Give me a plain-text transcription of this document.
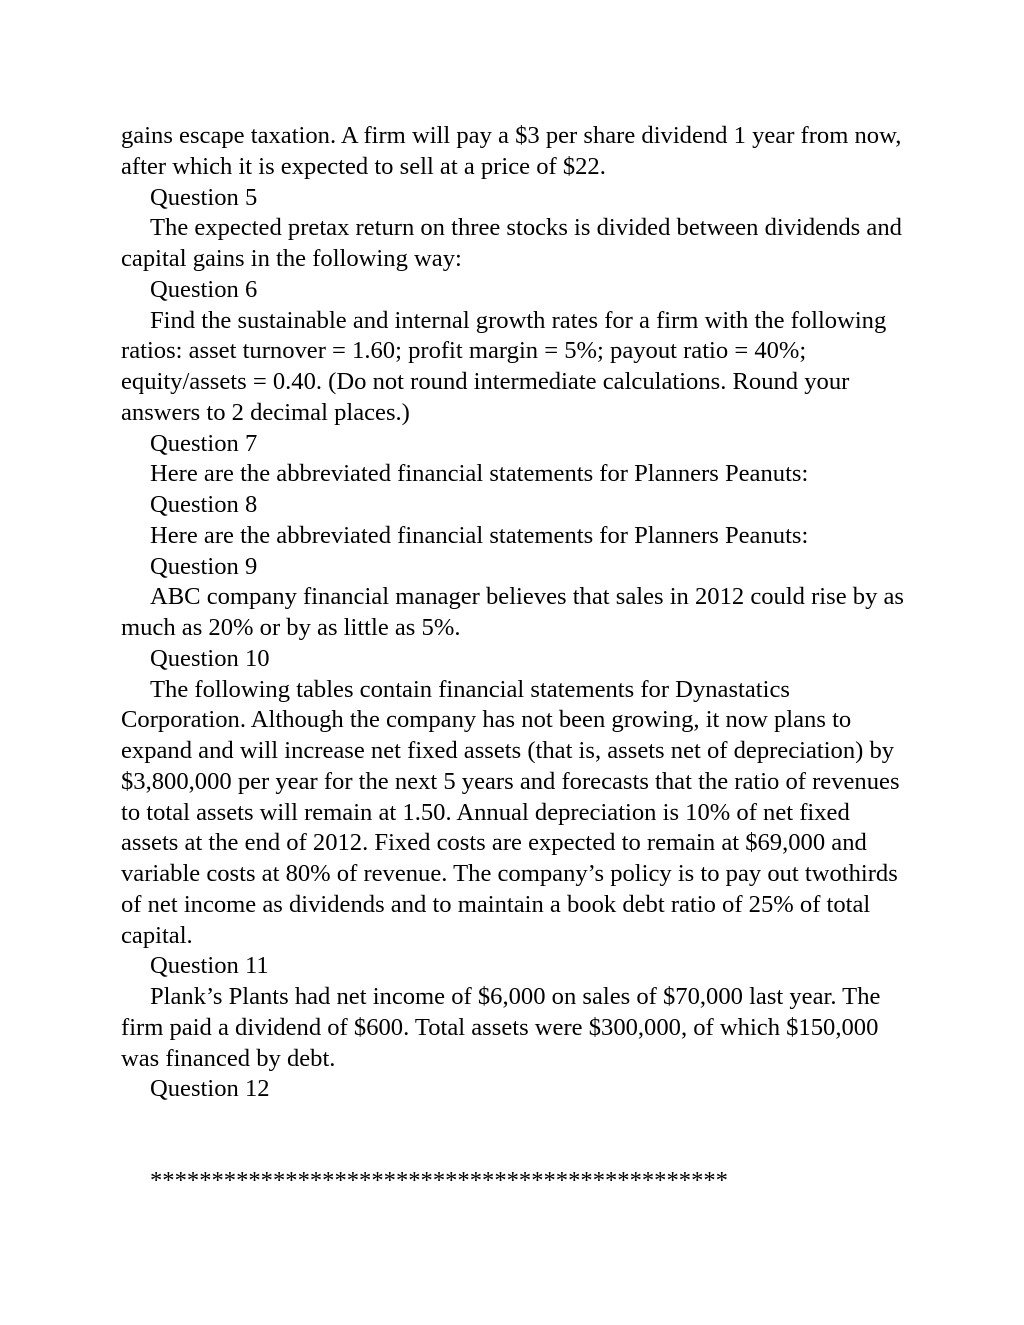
gains escape taxation. A firm will pay a $3 per share dividend 1 year from now, after which it is expected to sell at a price of $22.

Question 5

The expected pretax return on three stocks is divided between dividends and capital gains in the following way:

Question 6

Find the sustainable and internal growth rates for a firm with the following ratios: asset turnover = 1.60; profit margin = 5%; payout ratio = 40%; equity/assets = 0.40. (Do not round intermediate calculations. Round your answers to 2 decimal places.)

Question 7

Here are the abbreviated financial statements for Planners Peanuts:

Question 8

Here are the abbreviated financial statements for Planners Peanuts:

Question 9

ABC company financial manager believes that sales in 2012 could rise by as much as 20% or by as little as 5%.

Question 10

The following tables contain financial statements for Dynastatics Corporation. Although the company has not been growing, it now plans to expand and will increase net fixed assets (that is, assets net of depreciation) by $3,800,000 per year for the next 5 years and forecasts that the ratio of revenues to total assets will remain at 1.50. Annual depreciation is 10% of net fixed assets at the end of 2012. Fixed costs are expected to remain at $69,000 and variable costs at 80% of revenue. The company’s policy is to pay out twothirds of net income as dividends and to maintain a book debt ratio of 25% of total capital.

Question 11

Plank’s Plants had net income of $6,000 on sales of $70,000 last year. The firm paid a dividend of $600. Total assets were $300,000, of which $150,000 was financed by debt.

Question 12

***********************************************
